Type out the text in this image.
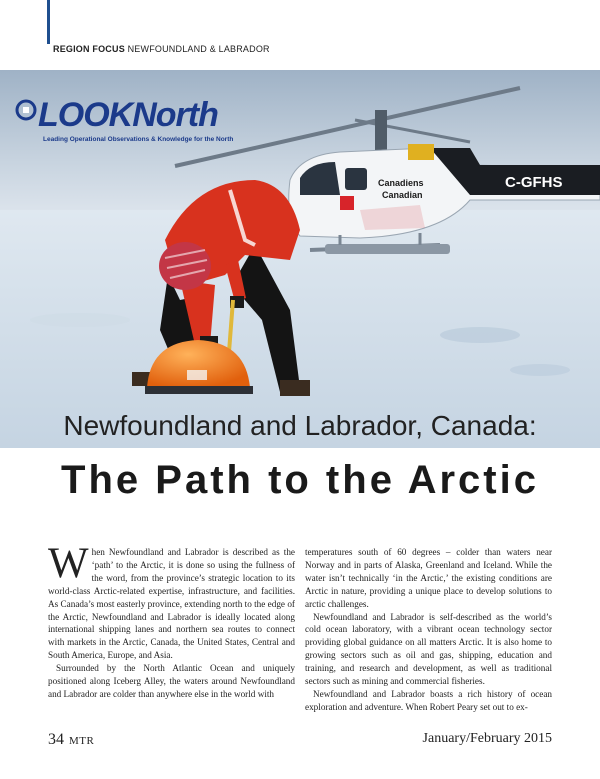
REGION FOCUS NEWFOUNDLAND & LABRADOR
Canadiens
Canadian
C-GFHS
LOOKNorth
Leading Operational Observations & Knowledge for the North
Newfoundland and Labrador, Canada:
The Path to the Arctic

When Newfoundland and Labrador is described as the ‘path’ to the Arctic, it is done so using the fullness of the word, from the province’s strategic location to its world-class Arctic-related expertise, infrastructure, and facilities. As Canada’s most easterly province, extending north to the edge of the Arctic, Newfoundland and Labrador is ideally located along international shipping lanes and northern sea routes to connect with markets in the Arctic, Canada, the United States, Central and South America, Europe, and Asia.

Surrounded by the North Atlantic Ocean and uniquely positioned along Iceberg Alley, the waters around Newfoundland and Labrador are colder than anywhere else in the world with

temperatures south of 60 degrees – colder than waters near Norway and in parts of Alaska, Greenland and Iceland. While the water isn’t technically ‘in the Arctic,’ the existing conditions are Arctic in nature, providing a unique place to develop solutions to arctic challenges.

Newfoundland and Labrador is self-described as the world’s cold ocean laboratory, with a vibrant ocean technology sector providing global guidance on all matters Arctic. It is also home to growing sectors such as oil and gas, shipping, education and training, and research and development, as well as traditional sectors such as mining and commercial fisheries.

Newfoundland and Labrador boasts a rich history of ocean exploration and adventure. When Robert Peary set out to ex-

34 MTR	January/February 2015
